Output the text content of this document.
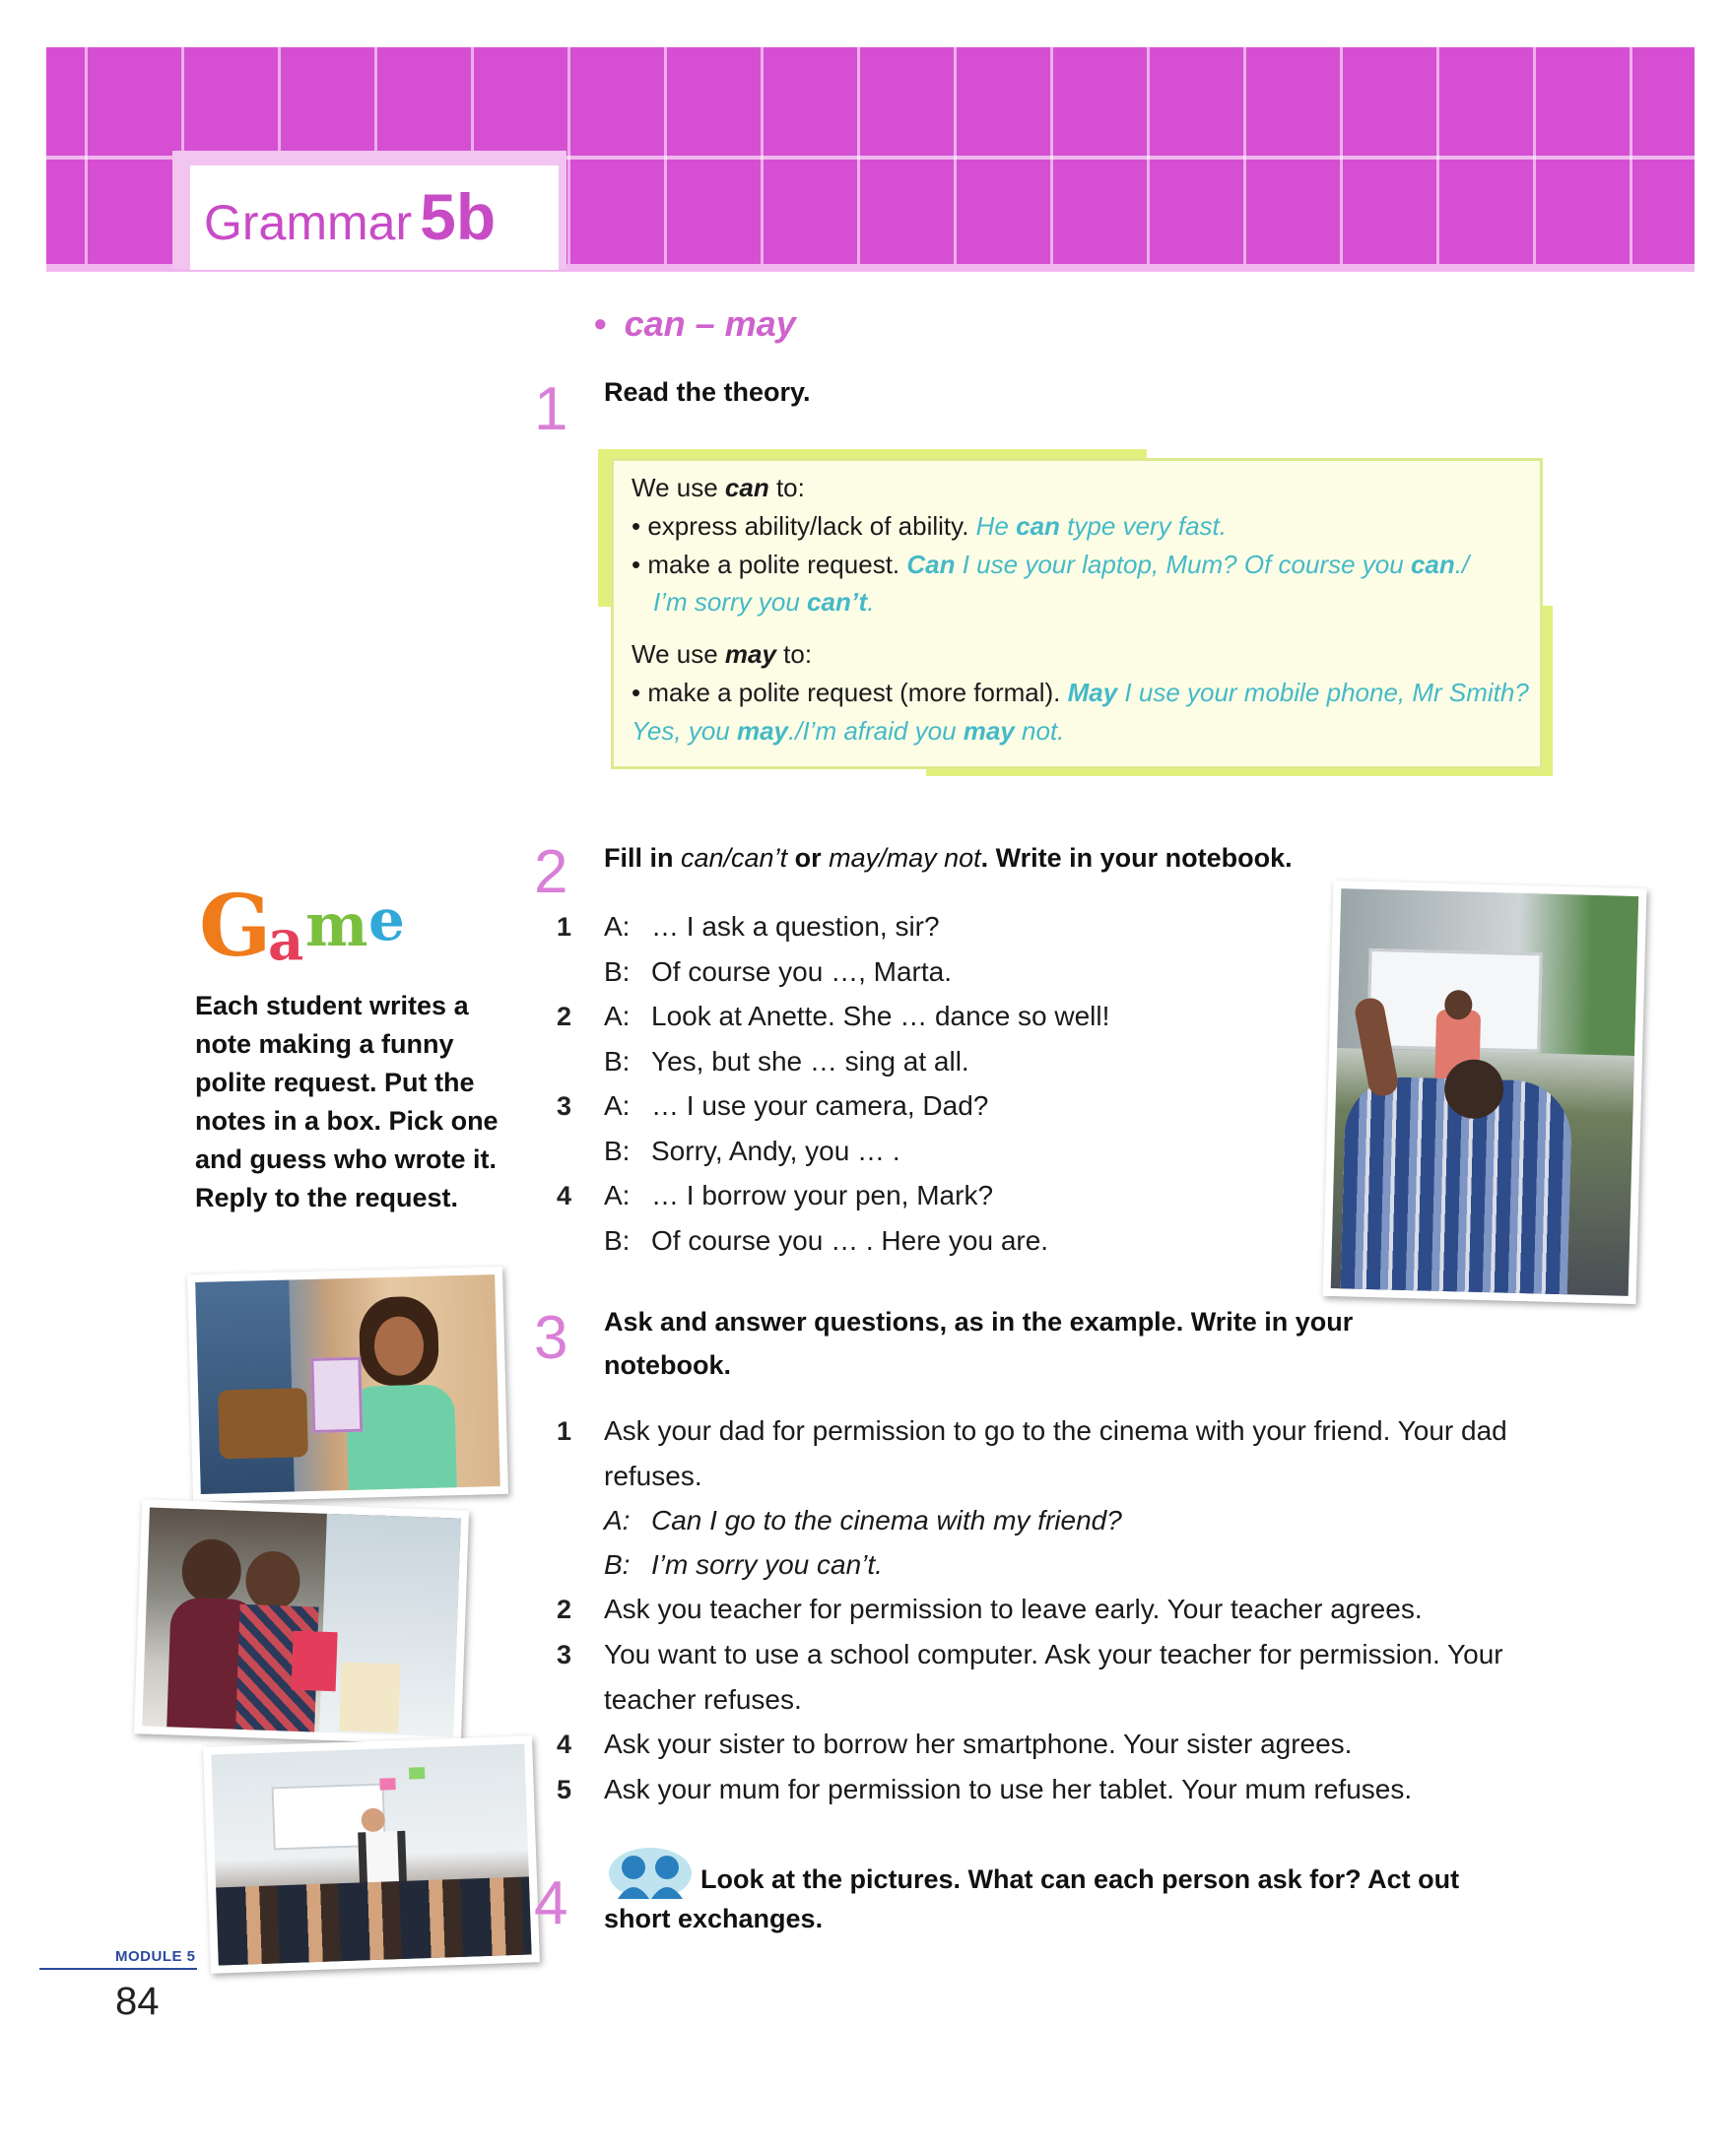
Grammar 5b
• can – may
1 Read the theory.
We use can to:
• express ability/lack of ability. He can type very fast.
• make a polite request. Can I use your laptop, Mum? Of course you can./
I’m sorry you can’t.
We use may to:
• make a polite request (more formal). May I use your mobile phone, Mr Smith?
Yes, you may./I’m afraid you may not.
2 Fill in can/can’t or may/may not. Write in your notebook.
1 A: … I ask a question, sir?
B: Of course you …, Marta.
2 A: Look at Anette. She … dance so well!
B: Yes, but she … sing at all.
3 A: … I use your camera, Dad?
B: Sorry, Andy, you … .
4 A: … I borrow your pen, Mark?
B: Of course you … . Here you are.
G
a m e
Each student writes a note making a funny polite request. Put the notes in a box. Pick one and guess who wrote it. Reply to the request.
3 Ask and answer questions, as in the example. Write in your
notebook.
1 Ask your dad for permission to go to the cinema with your friend. Your dad
refuses.
A: Can I go to the cinema with my friend?
B: I’m sorry you can’t.
2 Ask you teacher for permission to leave early. Your teacher agrees.
3 You want to use a school computer. Ask your teacher for permission. Your
teacher refuses.
4 Ask your sister to borrow her smartphone. Your sister agrees.
5 Ask your mum for permission to use her tablet. Your mum refuses.
4	Look at the pictures. What can each person ask for? Act out
short exchanges.
MODULE 5
84
